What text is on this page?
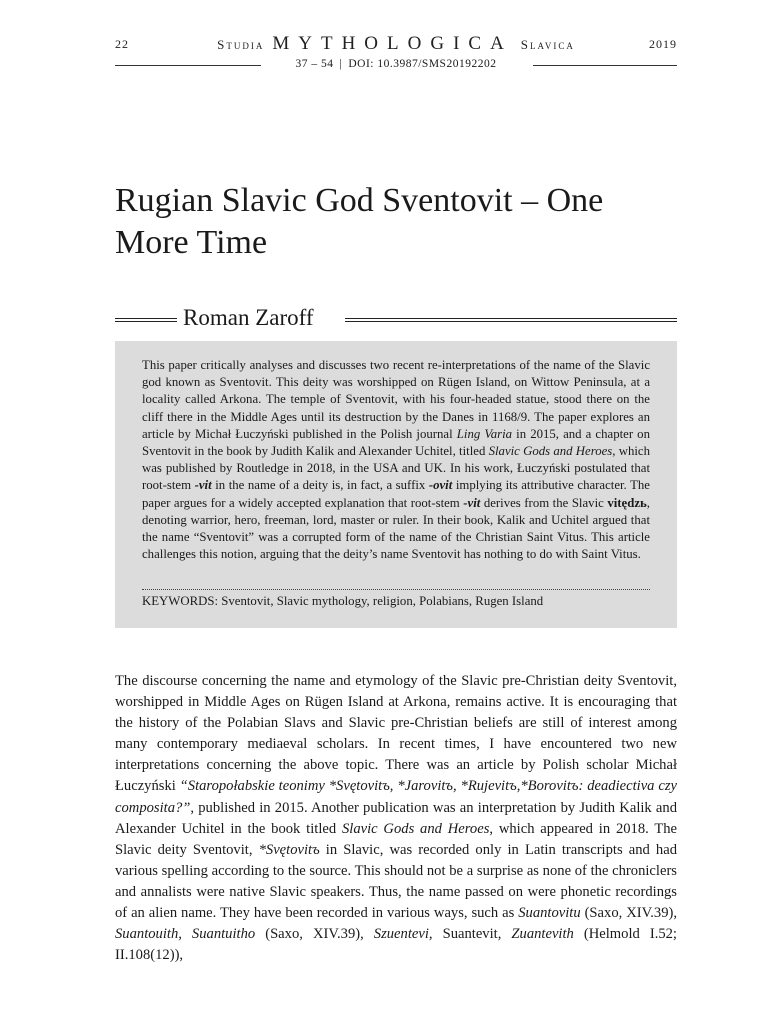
22	Studia MYTHOLOGICA Slavica	2019
37 – 54 | DOI: 10.3987/SMS20192202
Rugian Slavic God Sventovit – One More Time
Roman Zaroff

This paper critically analyses and discusses two recent re-interpretations of the name of the Slavic god known as Sventovit. This deity was worshipped on Rügen Island, on Wittow Peninsula, at a locality called Arkona. The temple of Sventovit, with his four-headed statue, stood there on the cliff there in the Middle Ages until its destruction by the Danes in 1168/9. The paper explores an article by Michał Łuczyński published in the Polish journal Ling Varia in 2015, and a chapter on Sventovit in the book by Judith Kalik and Alexander Uchitel, titled Slavic Gods and Heroes, which was published by Routledge in 2018, in the USA and UK. In his work, Łuczyński postulated that root-stem -vit in the name of a deity is, in fact, a suffix -ovit implying its attributive character. The paper argues for a widely accepted explanation that root-stem -vit derives from the Slavic vitędzь, denoting warrior, hero, freeman, lord, master or ruler. In their book, Kalik and Uchitel argued that the name “Sventovit” was a corrupted form of the name of the Christian Saint Vitus. This article challenges this notion, arguing that the deity’s name Sventovit has nothing to do with Saint Vitus.

KEYWORDS: Sventovit, Slavic mythology, religion, Polabians, Rugen Island

The discourse concerning the name and etymology of the Slavic pre-Christian deity Sventovit, worshipped in Middle Ages on Rügen Island at Arkona, remains active. It is encouraging that the history of the Polabian Slavs and Slavic pre-Christian beliefs are still of interest among many contemporary mediaeval scholars. In recent times, I have encountered two new interpretations concerning the above topic. There was an article by Polish scholar Michał Łuczyński “Staropołabskie teonimy *Svętovitъ, *Jarovitъ, *Rujevitъ,*Borovitъ: deadiectiva czy composita?”, published in 2015. Another publication was an interpretation by Judith Kalik and Alexander Uchitel in the book titled Slavic Gods and Heroes, which appeared in 2018. The Slavic deity Sventovit, *Svętovitъ in Slavic, was recorded only in Latin transcripts and had various spelling according to the source. This should not be a surprise as none of the chroniclers and annalists were native Slavic speakers. Thus, the name passed on were phonetic recordings of an alien name. They have been recorded in various ways, such as Suantovitu (Saxo, XIV.39), Suantouith, Suantuitho (Saxo, XIV.39), Szuentevi, Suantevit, Zuantevith (Helmold I.52; II.108(12)),
